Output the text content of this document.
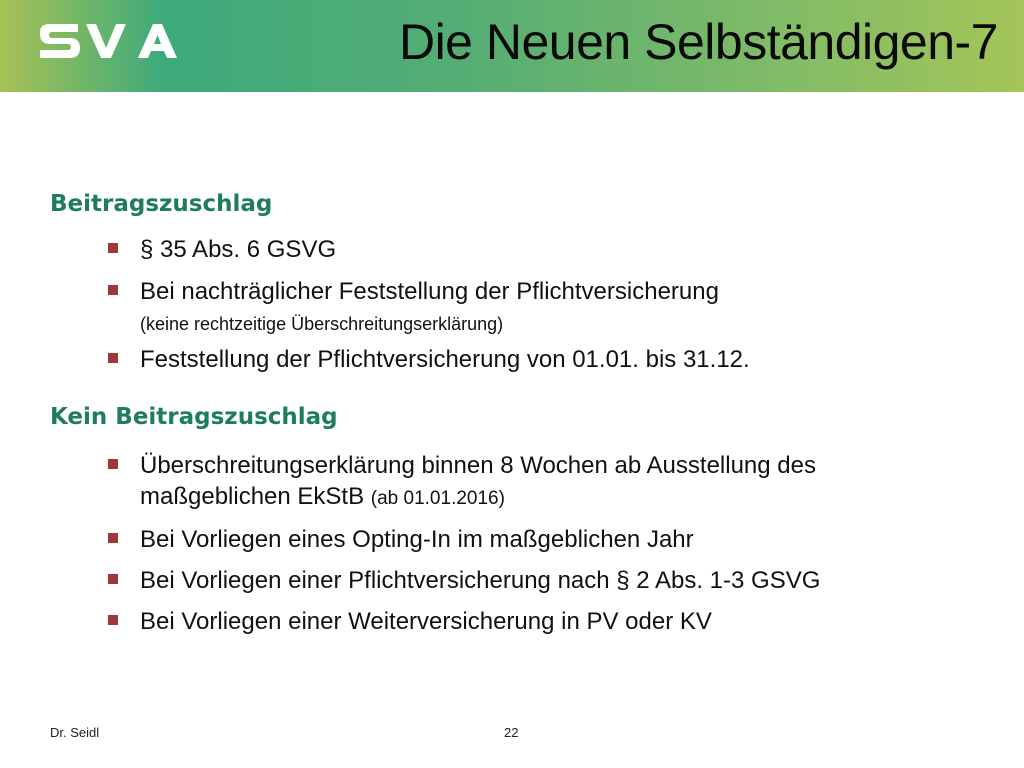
Die Neuen Selbständigen-7
Beitragszuschlag
§ 35 Abs. 6 GSVG
Bei nachträglicher Feststellung der Pflichtversicherung
(keine rechtzeitige Überschreitungserklärung)
Feststellung der Pflichtversicherung von 01.01. bis 31.12.
Kein Beitragszuschlag
Überschreitungserklärung binnen 8 Wochen ab Ausstellung des
maßgeblichen EkStB (ab 01.01.2016)
Bei Vorliegen eines Opting-In im maßgeblichen Jahr
Bei Vorliegen einer Pflichtversicherung nach § 2 Abs. 1-3 GSVG
Bei Vorliegen einer Weiterversicherung in PV oder KV
Dr. Seidl	22
